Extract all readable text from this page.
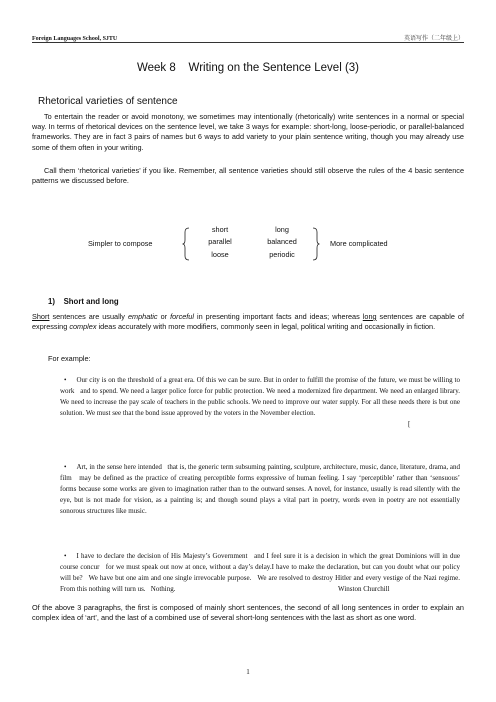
Foreign Languages School, SJTU	英语写作（二年级上）
Week 8    Writing on the Sentence Level (3)
Rhetorical varieties of sentence

To entertain the reader or avoid monotony, we sometimes may intentionally (rhetorically) write sentences in a normal or special way. In terms of rhetorical devices on the sentence level, we take 3 ways for example: short-long, loose-periodic, or parallel-balanced frameworks. They are in fact 3 pairs of names but 6 ways to add variety to your plain sentence writing, though you may already use some of them often in your writing.

Call them ‘rhetorical varieties’ if you like. Remember, all sentence varieties should still observe the rules of the 4 basic sentence patterns we discussed before.

Simpler to compose
short
parallel
loose
long
balanced
periodic
More complicated
1)    Short and long

Short sentences are usually emphatic or forceful in presenting important facts and ideas; whereas long sentences are capable of expressing complex ideas accurately with more modifiers, commonly seen in legal, political writing and occasionally in fiction.

For example:
• Our city is on the threshold of a great era. Of this we can be sure. But in order to fulfill the promise of the future, we must be willing to work   and to spend. We need a larger police force for public protection. We need a modernized fire department. We need an enlarged library. We need to increase the pay scale of teachers in the public schools. We need to improve our water supply. For all these needs there is but one solution. We must see that the bond issue approved by the voters in the November election.
[
• Art, in the sense here intended   that is, the generic term subsuming painting, sculpture, architecture, music, dance, literature, drama, and film   may be defined as the practice of creating perceptible forms expressive of human feeling. I say ‘perceptible’ rather than ‘sensuous’ forms because some works are given to imagination rather than to the outward senses. A novel, for instance, usually is read silently with the eye, but is not made for vision, as a painting is; and though sound plays a vital part in poetry, words even in poetry are not essentially sonorous structures like music.
• I have to declare the decision of His Majesty’s Government   and I feel sure it is a decision in which the great Dominions will in due course concur   for we must speak out now at once, without a day’s delay.I have to make the declaration, but can you doubt what our policy will be?   We have but one aim and one single irrevocable purpose.   We are resolved to destroy Hitler and every vestige of the Nazi regime.   From this nothing will turn us.   Nothing.	Winston Churchill

Of the above 3 paragraphs, the first is composed of mainly short sentences, the second of all long sentences in order to explain an complex idea of ‘art’, and the last of a combined use of several short-long sentences with the last as short as one word.

1
